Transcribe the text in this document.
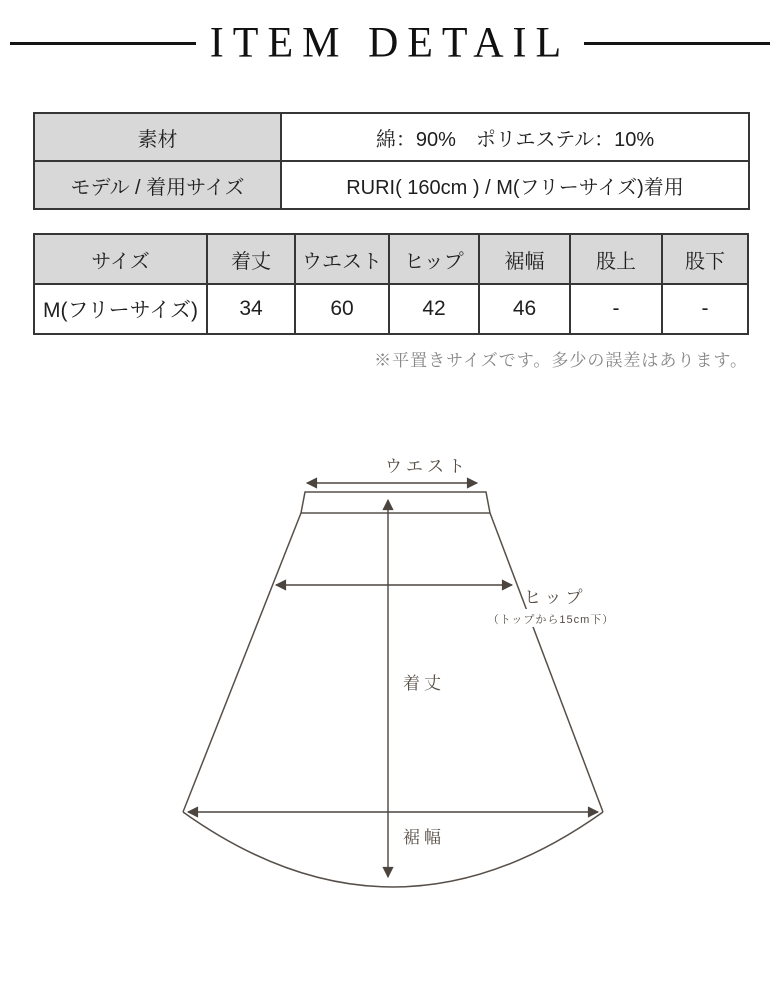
ITEM DETAIL
素材	綿：90%　ポリエステル：10%
モデル / 着用サイズ	RURI( 160cm ) / M(フリーサイズ)着用
サイズ	着丈	ウエスト	ヒップ	裾幅	股上	股下
M(フリーサイズ)	34	60	42	46	-	-
※平置きサイズです。多少の誤差はあります。
ウエスト
ヒップ
（トップから15cm下）
着丈
裾幅
